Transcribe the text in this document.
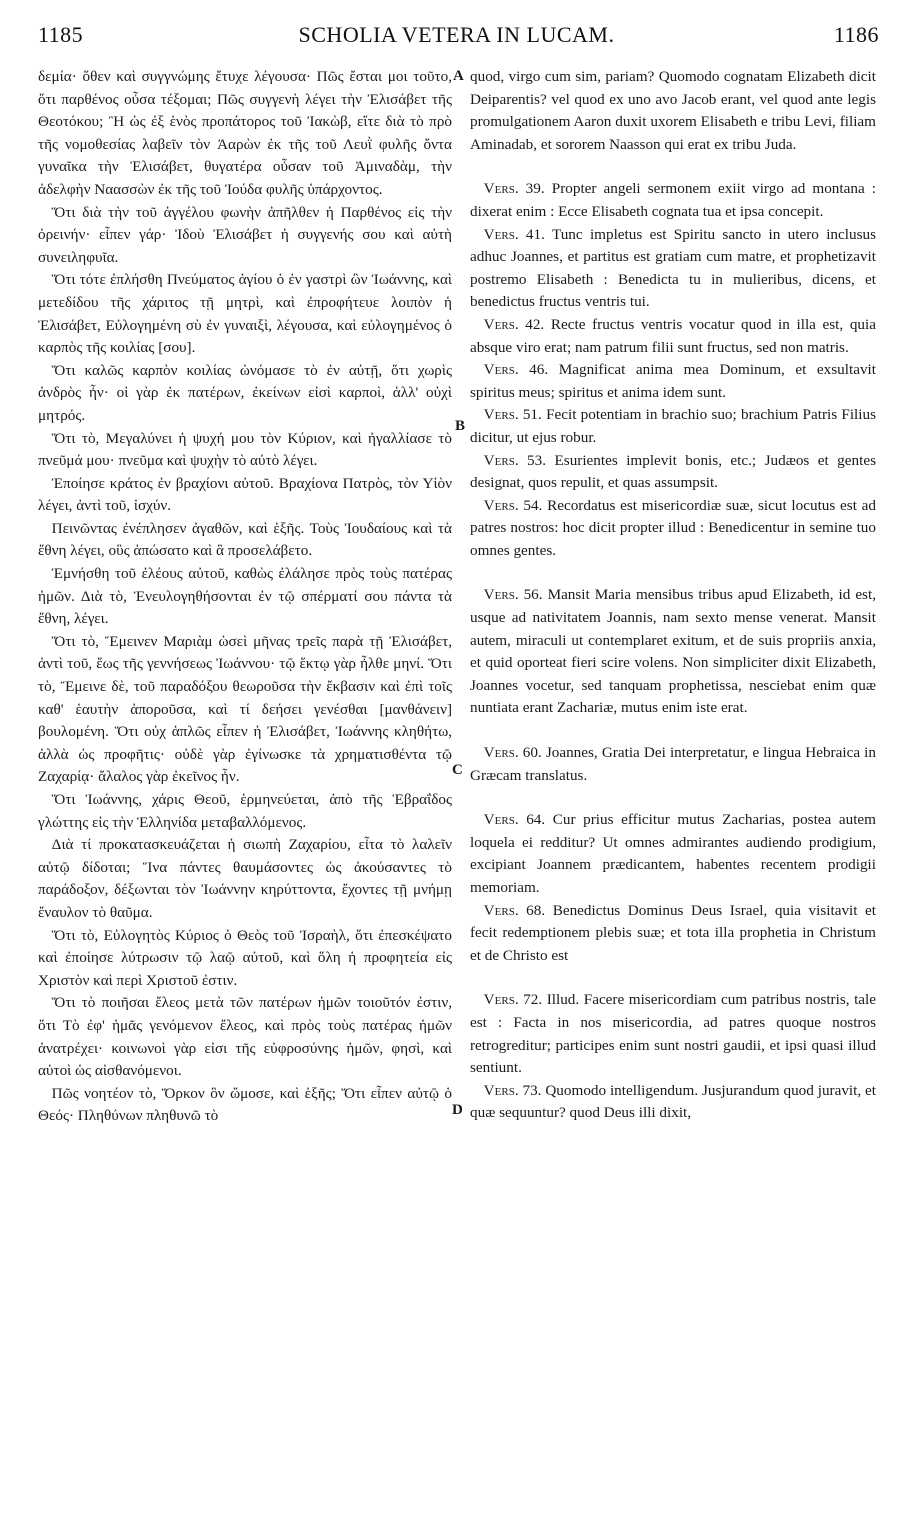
1185	SCHOLIA VETERA IN LUCAM.	1186

δεμία· ὅθεν καὶ συγγνώμης ἔτυχε λέγουσα· Πῶς ἔσται μοι τοῦτο, ὅτι παρθένος οὖσα τέξομαι; Πῶς συγγενὴ λέγει τὴν Ἐλισάβετ τῆς Θεοτόκου; Ἢ ὡς ἐξ ἑνὸς προπάτορος τοῦ Ἰακὼβ, εἴτε διὰ τὸ πρὸ τῆς νομοθεσίας λαβεῖν τὸν Ἀαρὼν ἐκ τῆς τοῦ Λευῒ φυλῆς ὄντα γυναῖκα τὴν Ἐλισάβετ, θυγατέρα οὖσαν τοῦ Ἀμιναδὰμ, τὴν ἀδελφὴν Ναασσὼν ἐκ τῆς τοῦ Ἰούδα φυλῆς ὑπάρχοντος.

Ὅτι διὰ τὴν τοῦ ἀγγέλου φωνὴν ἀπῆλθεν ἡ Παρθένος εἰς τὴν ὀρεινήν· εἶπεν γάρ· Ἰδοὺ Ἐλισάβετ ἡ συγγενής σου καὶ αὐτὴ συνειληφυῖα.

Ὅτι τότε ἐπλήσθη Πνεύματος ἁγίου ὁ ἐν γαστρὶ ὢν Ἰωάννης, καὶ μετεδίδου τῆς χάριτος τῇ μητρὶ, καὶ ἐπροφήτευε λοιπὸν ἡ Ἐλισάβετ, Εὐλογημένη σὺ ἐν γυναιξὶ, λέγουσα, καὶ εὐλογημένος ὁ καρπὸς τῆς κοιλίας [σου].

Ὅτι καλῶς καρπὸν κοιλίας ὠνόμασε τὸ ἐν αὐτῇ, ὅτι χωρὶς ἀνδρὸς ἦν· οἱ γὰρ ἐκ πατέρων, ἐκείνων εἰσὶ καρποὶ, ἀλλ' οὐχὶ μητρός.

Ὅτι τὸ, Μεγαλύνει ἡ ψυχή μου τὸν Κύριον, καὶ ἠγαλλίασε τὸ πνεῦμά μου· πνεῦμα καὶ ψυχὴν τὸ αὐτὸ λέγει.

Ἐποίησε κράτος ἐν βραχίονι αὐτοῦ. Βραχίονα Πατρὸς, τὸν Υἱὸν λέγει, ἀντὶ τοῦ, ἰσχύν.

Πεινῶντας ἐνέπλησεν ἀγαθῶν, καὶ ἑξῆς. Τοὺς Ἰουδαίους καὶ τὰ ἔθνη λέγει, οὓς ἀπώσατο καὶ ἃ προσελάβετο.

Ἐμνήσθη τοῦ ἐλέους αὐτοῦ, καθὼς ἐλάλησε πρὸς τοὺς πατέρας ἡμῶν. Διὰ τὸ, Ἐνευλογηθήσονται ἐν τῷ σπέρματί σου πάντα τὰ ἔθνη, λέγει.

Ὅτι τὸ, Ἔμεινεν Μαριὰμ ὡσεὶ μῆνας τρεῖς παρὰ τῇ Ἐλισάβετ, ἀντὶ τοῦ, ἕως τῆς γεννήσεως Ἰωάννου· τῷ ἕκτῳ γὰρ ἦλθε μηνί. Ὅτι τὸ, Ἔμεινε δὲ, τοῦ παραδόξου θεωροῦσα τὴν ἔκβασιν καὶ ἐπὶ τοῖς καθ' ἑαυτὴν ἀποροῦσα, καὶ τί δεήσει γενέσθαι [μανθάνειν] βουλομένη. Ὅτι οὐχ ἁπλῶς εἶπεν ἡ Ἐλισάβετ, Ἰωάννης κληθήτω, ἀλλὰ ὡς προφῆτις· οὐδὲ γὰρ ἐγίνωσκε τὰ χρηματισθέντα τῷ Ζαχαρίᾳ· ἄλαλος γὰρ ἐκεῖνος ἦν.

Ὅτι Ἰωάννης, χάρις Θεοῦ, ἑρμηνεύεται, ἀπὸ τῆς Ἑβραΐδος γλώττης εἰς τὴν Ἑλληνίδα μεταβαλλόμενος.

Διὰ τί προκατασκευάζεται ἡ σιωπὴ Ζαχαρίου, εἶτα τὸ λαλεῖν αὐτῷ δίδοται; Ἵνα πάντες θαυμάσοντες ὡς ἀκούσαντες τὸ παράδοξον, δέξωνται τὸν Ἰωάννην κηρύττοντα, ἔχοντες τῇ μνήμῃ ἔναυλον τὸ θαῦμα.

Ὅτι τὸ, Εὐλογητὸς Κύριος ὁ Θεὸς τοῦ Ἰσραὴλ, ὅτι ἐπεσκέψατο καὶ ἐποίησε λύτρωσιν τῷ λαῷ αὐτοῦ, καὶ ὅλη ἡ προφητεία εἰς Χριστὸν καὶ περὶ Χριστοῦ ἐστιν.

Ὅτι τὸ ποιῆσαι ἔλεος μετὰ τῶν πατέρων ἡμῶν τοιοῦτόν ἐστιν, ὅτι Τὸ ἐφ' ἡμᾶς γενόμενον ἔλεος, καὶ πρὸς τοὺς πατέρας ἡμῶν ἀνατρέχει· κοινωνοὶ γὰρ εἰσι τῆς εὐφροσύνης ἡμῶν, φησὶ, καὶ αὐτοὶ ὡς αἰσθανόμενοι.

Πῶς νοητέον τὸ, Ὅρκον ὃν ὤμοσε, καὶ ἑξῆς; Ὅτι εἶπεν αὐτῷ ὁ Θεός· Πληθύνων πληθυνῶ τὸ

A
B
C
D

quod, virgo cum sim, pariam? Quomodo cognatam Elizabeth dicit Deiparentis? vel quod ex uno avo Jacob erant, vel quod ante legis promulgationem Aaron duxit uxorem Elisabeth e tribu Levi, filiam Aminadab, et sororem Naasson qui erat ex tribu Juda.

Vers. 39. Propter angeli sermonem exiit virgo ad montana : dixerat enim : Ecce Elisabeth cognata tua et ipsa concepit.

Vers. 41. Tunc impletus est Spiritu sancto in utero inclusus adhuc Joannes, et partitus est gratiam cum matre, et prophetizavit postremo Elisabeth : Benedicta tu in mulieribus, dicens, et benedictus fructus ventris tui.

Vers. 42. Recte fructus ventris vocatur quod in illa est, quia absque viro erat; nam patrum filii sunt fructus, sed non matris.

Vers. 46. Magnificat anima mea Dominum, et exsultavit spiritus meus; spiritus et anima idem sunt.

Vers. 51. Fecit potentiam in brachio suo; brachium Patris Filius dicitur, ut ejus robur.

Vers. 53. Esurientes implevit bonis, etc.; Judæos et gentes designat, quos repulit, et quas assumpsit.

Vers. 54. Recordatus est misericordiæ suæ, sicut locutus est ad patres nostros: hoc dicit propter illud : Benedicentur in semine tuo omnes gentes.

Vers. 56. Mansit Maria mensibus tribus apud Elizabeth, id est, usque ad nativitatem Joannis, nam sexto mense venerat. Mansit autem, miraculi ut contemplaret exitum, et de suis propriis anxia, et quid oporteat fieri scire volens. Non simpliciter dixit Elizabeth, Joannes vocetur, sed tanquam prophetissa, nesciebat enim quæ nuntiata erant Zachariæ, mutus enim iste erat.

Vers. 60. Joannes, Gratia Dei interpretatur, e lingua Hebraica in Græcam translatus.

Vers. 64. Cur prius efficitur mutus Zacharias, postea autem loquela ei redditur? Ut omnes admirantes audiendo prodigium, excipiant Joannem prædicantem, habentes recentem prodigii memoriam.

Vers. 68. Benedictus Dominus Deus Israel, quia visitavit et fecit redemptionem plebis suæ; et tota illa prophetia in Christum et de Christo est

Vers. 72. Illud. Facere misericordiam cum patribus nostris, tale est : Facta in nos misericordia, ad patres quoque nostros retrogreditur; participes enim sunt nostri gaudii, et ipsi quasi illud sentiunt.

Vers. 73. Quomodo intelligendum. Jusjurandum quod juravit, et quæ sequuntur? quod Deus illi dixit,
